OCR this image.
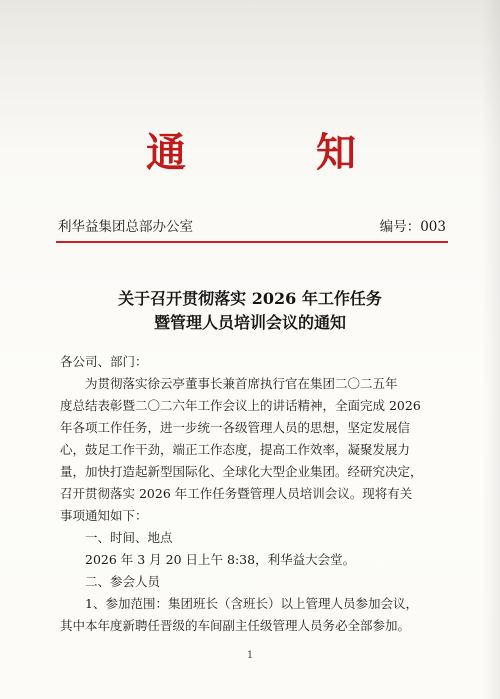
通	知
利华益集团总部办公室	编号：003
关于召开贯彻落实 2026 年工作任务
暨管理人员培训会议的通知
各公司、部门：
为贯彻落实徐云亭董事长兼首席执行官在集团二〇二五年
度总结表彰暨二〇二六年工作会议上的讲话精神，全面完成 2026
年各项工作任务，进一步统一各级管理人员的思想，坚定发展信
心，鼓足工作干劲，端正工作态度，提高工作效率，凝聚发展力
量，加快打造起新型国际化、全球化大型企业集团。经研究决定，
召开贯彻落实 2026 年工作任务暨管理人员培训会议。现将有关
事项通知如下：
一、时间、地点
2026 年 3 月 20 日上午 8:38，利华益大会堂。
二、参会人员
1、参加范围：集团班长（含班长）以上管理人员参加会议，
其中本年度新聘任晋级的车间副主任级管理人员务必全部参加。
1
